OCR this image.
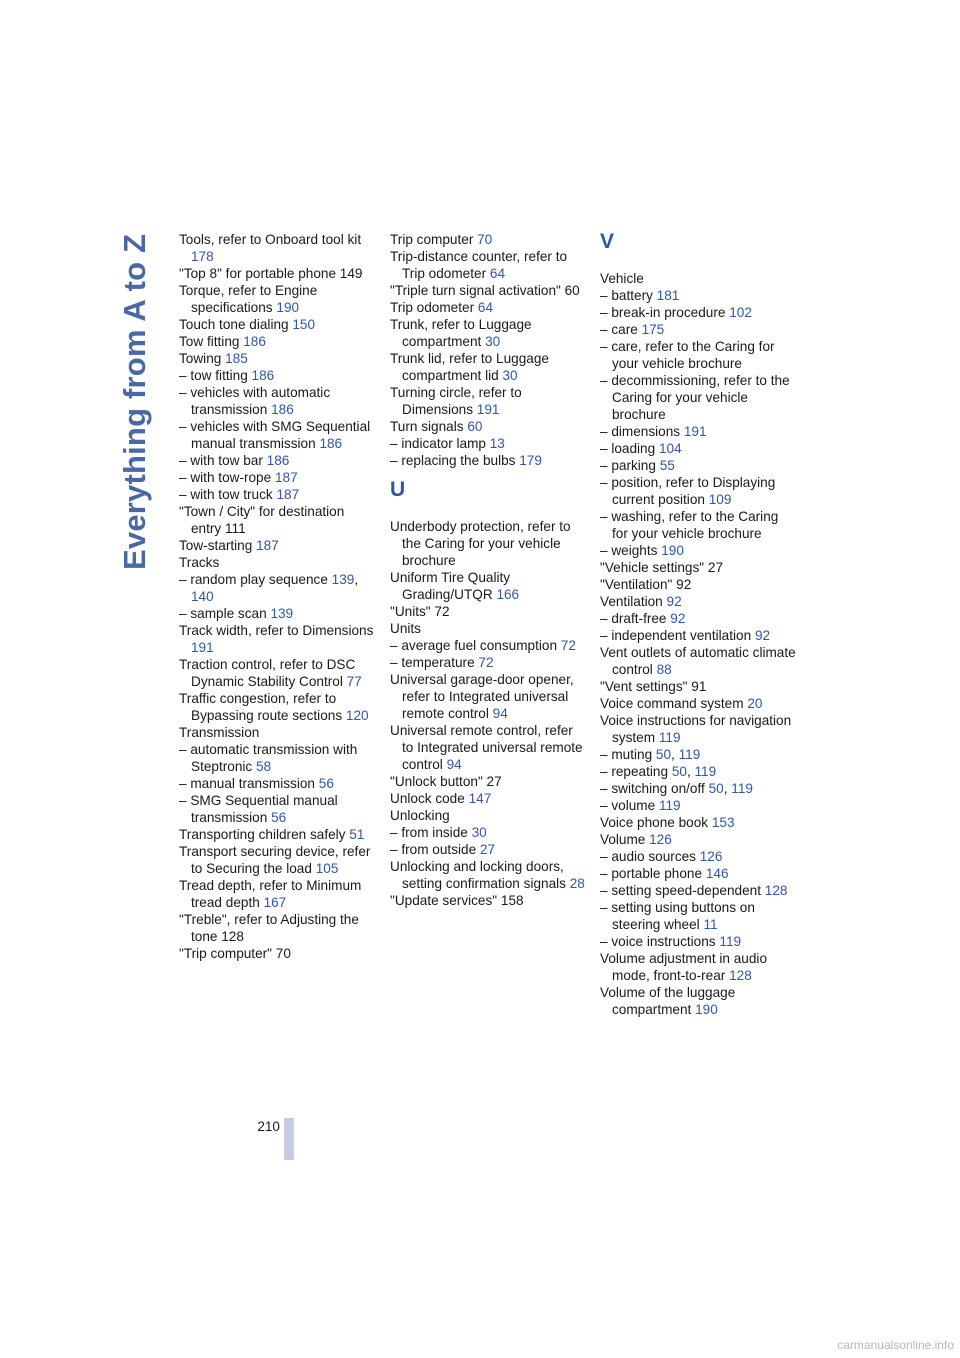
Everything from A to Z Tools, refer to Onboard tool kit 178
"Top 8" for portable phone 149
Torque, refer to Engine specifications 190
Touch tone dialing 150
Tow fitting 186
Towing 185
– tow fitting 186
– vehicles with automatic transmission 186
– vehicles with SMG Sequential manual transmission 186
– with tow bar 186
– with tow-rope 187
– with tow truck 187
"Town / City" for destination entry 111
Tow-starting 187
Tracks
– random play sequence 139, 140
– sample scan 139
Track width, refer to Dimensions 191
Traction control, refer to DSC Dynamic Stability Control 77
Traffic congestion, refer to Bypassing route sections 120
Transmission
– automatic transmission with Steptronic 58
– manual transmission 56
– SMG Sequential manual transmission 56
Transporting children safely 51
Transport securing device, refer to Securing the load 105
Tread depth, refer to Minimum tread depth 167
"Treble", refer to Adjusting the tone 128
"Trip computer" 70
Trip computer 70
Trip-distance counter, refer to Trip odometer 64
"Triple turn signal activation" 60
Trip odometer 64
Trunk, refer to Luggage compartment 30
Trunk lid, refer to Luggage compartment lid 30
Turning circle, refer to Dimensions 191
Turn signals 60
– indicator lamp 13
– replacing the bulbs 179
U
Underbody protection, refer to the Caring for your vehicle brochure
Uniform Tire Quality Grading/UTQR 166
"Units" 72
Units
– average fuel consumption 72
– temperature 72
Universal garage-door opener, refer to Integrated universal remote control 94
Universal remote control, refer to Integrated universal remote control 94
"Unlock button" 27
Unlock code 147
Unlocking
– from inside 30
– from outside 27
Unlocking and locking doors, setting confirmation signals 28
"Update services" 158
V
Vehicle
– battery 181
– break-in procedure 102
– care 175
– care, refer to the Caring for your vehicle brochure
– decommissioning, refer to the Caring for your vehicle brochure
– dimensions 191
– loading 104
– parking 55
– position, refer to Displaying current position 109
– washing, refer to the Caring for your vehicle brochure
– weights 190
"Vehicle settings" 27
"Ventilation" 92
Ventilation 92
– draft-free 92
– independent ventilation 92
Vent outlets of automatic climate control 88
"Vent settings" 91
Voice command system 20
Voice instructions for navigation system 119
– muting 50, 119
– repeating 50, 119
– switching on/off 50, 119
– volume 119
Voice phone book 153
Volume 126
– audio sources 126
– portable phone 146
– setting speed-dependent 128
– setting using buttons on steering wheel 11
– voice instructions 119
Volume adjustment in audio mode, front-to-rear 128
Volume of the luggage compartment 190
210
carmanualsonline.info
